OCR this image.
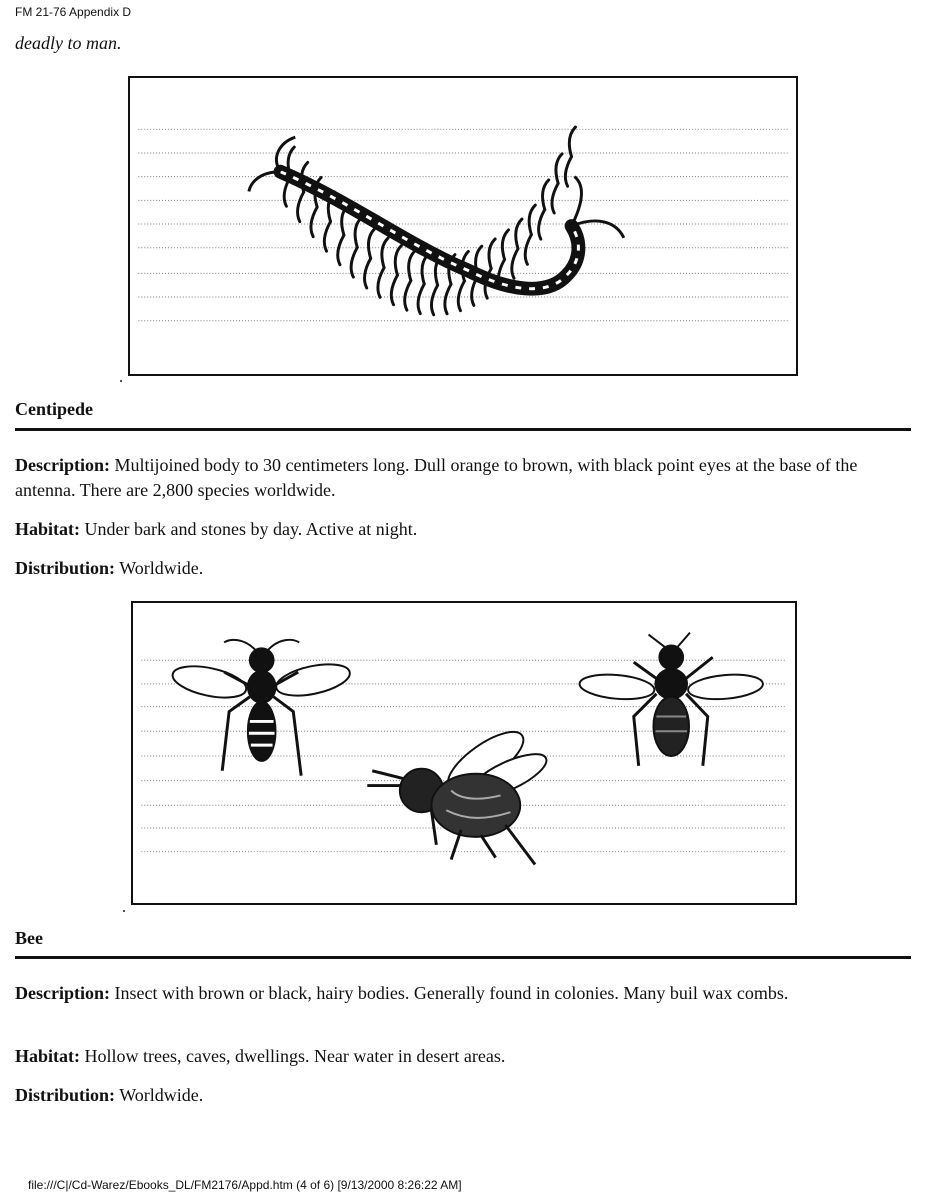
FM 21-76 Appendix D
deadly to man.
Centipede
Description: Multijoined body to 30 centimeters long. Dull orange to brown, with black point eyes at the base of the antenna. There are 2,800 species worldwide.
Habitat: Under bark and stones by day. Active at night.
Distribution: Worldwide.
Bee
Description: Insect with brown or black, hairy bodies. Generally found in colonies. Many buil wax combs.
Habitat: Hollow trees, caves, dwellings. Near water in desert areas.
Distribution: Worldwide.
file:///C|/Cd-Warez/Ebooks_DL/FM2176/Appd.htm (4 of 6) [9/13/2000 8:26:22 AM]
